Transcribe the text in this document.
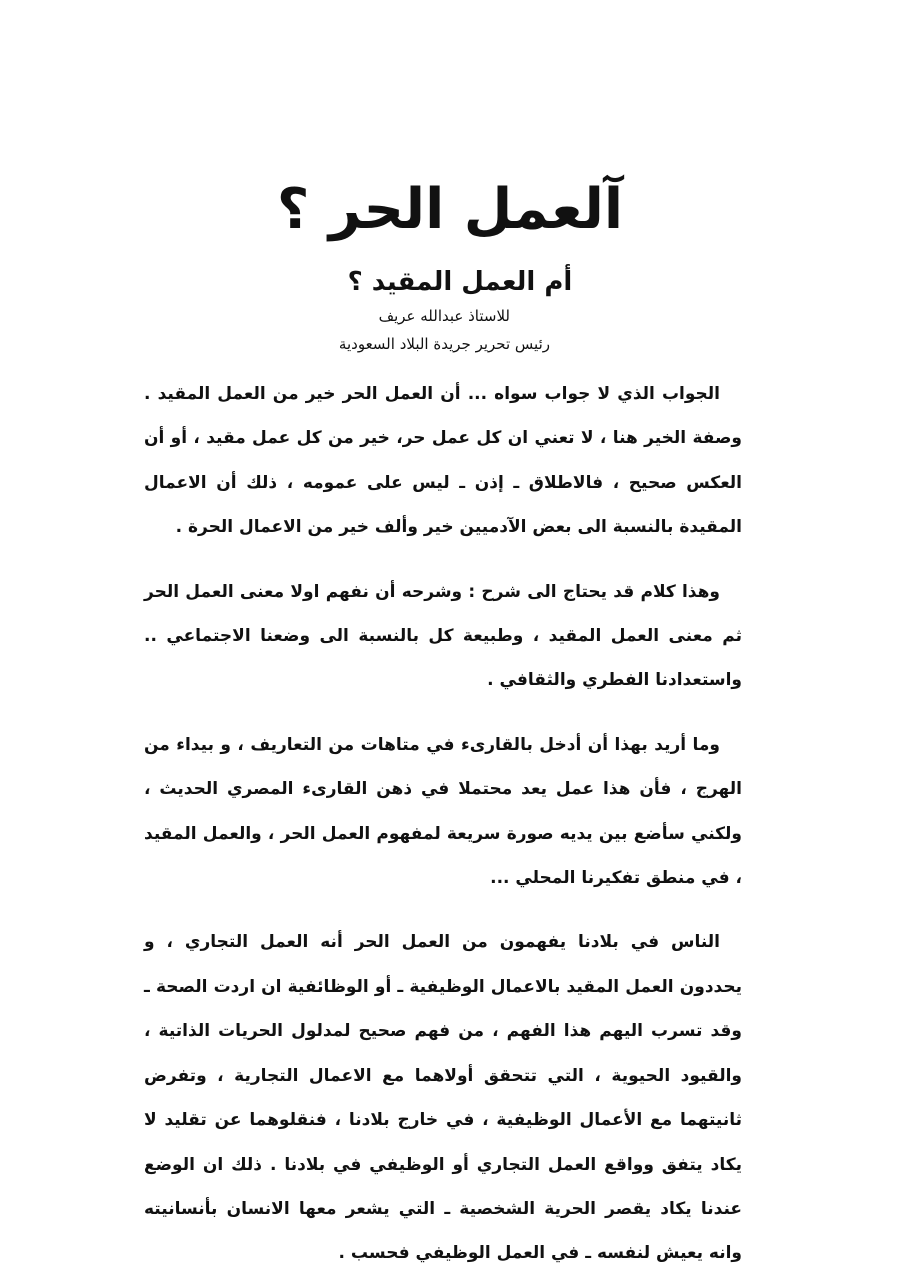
آلعمل الحر ؟
أم العمل المقيد ؟
للاستاذ عبدالله عريف
رئيس تحرير جريدة البلاد السعودية

الجواب الذي لا جواب سواه ... أن العمل الحر خير من العمل المقيد . وصفة الخير هنا ، لا تعني ان كل عمل حر، خير من كل عمل مقيد ، أو أن العكس صحيح ، فالاطلاق ـ إذن ـ ليس على عمومه ، ذلك أن الاعمال المقيدة بالنسبة الى بعض الآدميين خير وألف خير من الاعمال الحرة .

وهذا كلام قد يحتاج الى شرح : وشرحه أن نفهم اولا معنى العمل الحر ثم معنى العمل المقيد ، وطبيعة كل بالنسبة الى وضعنا الاجتماعي .. واستعدادنا الفطري والثقافي .

وما أريد بهذا أن أدخل بالقارىء في متاهات من التعاريف ، و بيداء من الهرج ، فأن هذا عمل يعد محتملا في ذهن القارىء المصري الحديث ، ولكني سأضع بين يديه صورة سريعة لمفهوم العمل الحر ، والعمل المقيد ، في منطق تفكيرنا المحلي ...

الناس في بلادنا يفهمون من العمل الحر أنه العمل التجاري ، و يحددون العمل المقيد بالاعمال الوظيفية ـ أو الوظائفية ان اردت الصحة ـ وقد تسرب اليهم هذا الفهم ، من فهم صحيح لمدلول الحريات الذاتية ، والقيود الحيوية ، التي تتحقق أولاهما مع الاعمال التجارية ، وتفرض ثانيتهما مع الأعمال الوظيفية ، في خارج بلادنا ، فنقلوهما عن تقليد لا يكاد يتفق وواقع العمل التجاري أو الوظيفي في بلادنا . ذلك ان الوضع عندنا يكاد يقصر الحرية الشخصية ـ التي يشعر معها الانسان بأنسانيته وانه يعيش لنفسه ـ في العمل الوظيفي فحسب .
